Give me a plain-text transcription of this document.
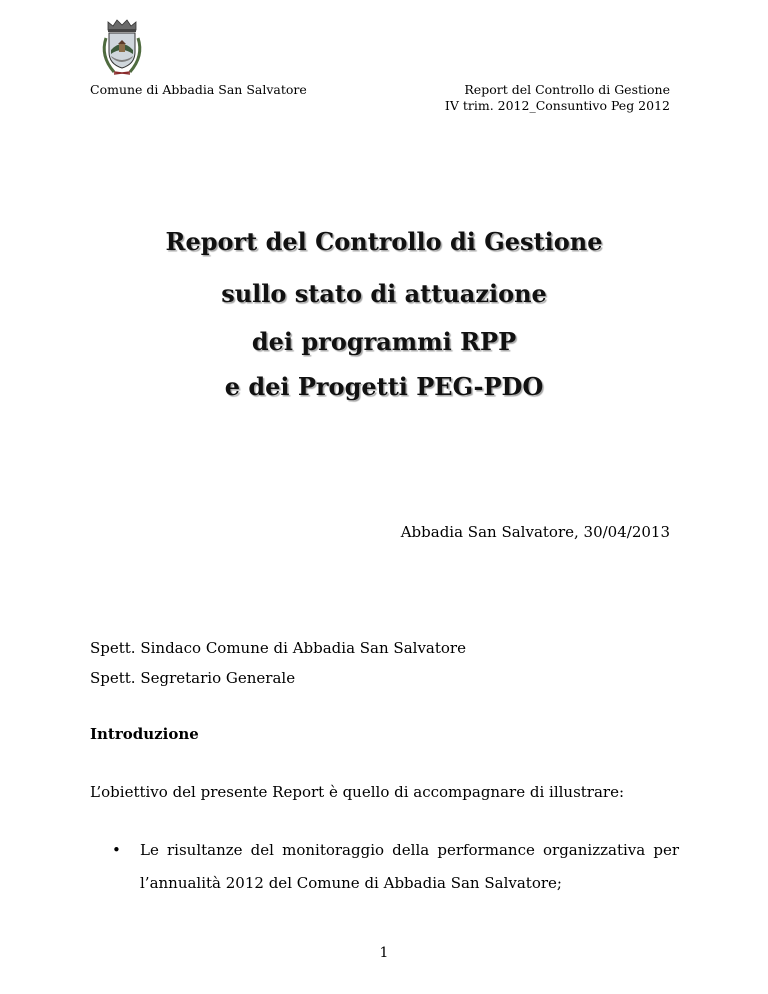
Comune di Abbadia San Salvatore	Report del Controllo di Gestione
IV trim. 2012_Consuntivo Peg 2012
Report del Controllo di Gestione
sullo stato di attuazione
dei programmi RPP
e dei Progetti PEG-PDO
Abbadia San Salvatore, 30/04/2013
Spett. Sindaco Comune di Abbadia San Salvatore
Spett. Segretario Generale
Introduzione
L’obiettivo del presente Report è quello di accompagnare di illustrare:
• Le risultanze del monitoraggio della performance organizzativa per
l’annualità 2012 del Comune di Abbadia San Salvatore;
1
